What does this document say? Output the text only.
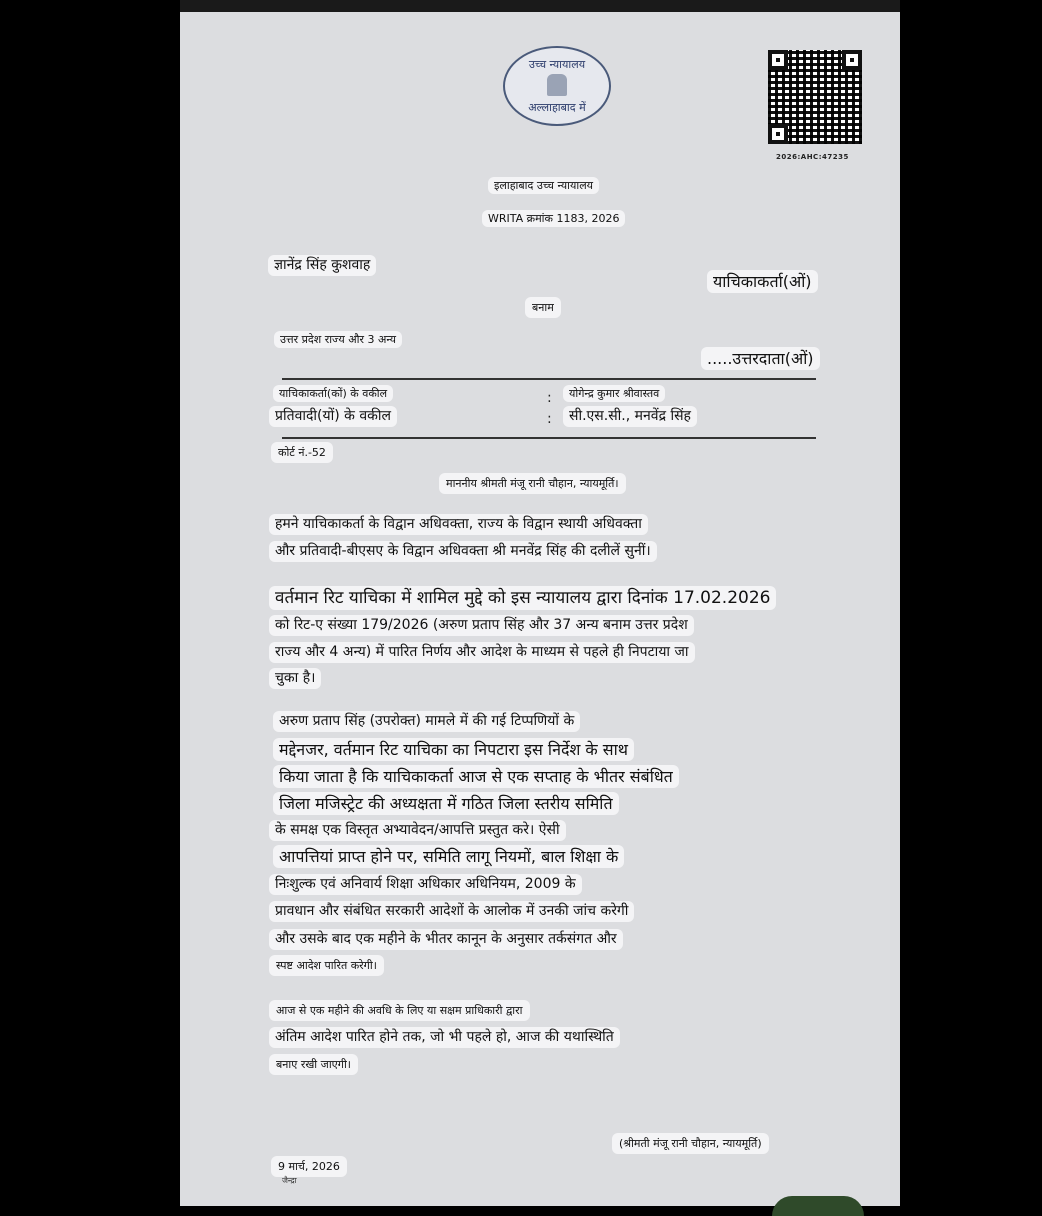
उच्च न्यायालय
अल्लाहाबाद में
2026:AHC:47235
इलाहाबाद उच्च न्यायालय
WRITA क्रमांक 1183, 2026
ज्ञानेंद्र सिंह कुशवाह
याचिकाकर्ता(ओं)
बनाम
उत्तर प्रदेश राज्य और 3 अन्य
.....उत्तरदाता(ओं)
याचिकाकर्ता(कों) के वकील	:	योगेन्द्र कुमार श्रीवास्तव
प्रतिवादी(यों) के वकील	:	सी.एस.सी., मनवेंद्र सिंह
कोर्ट नं.-52
माननीय श्रीमती मंजू रानी चौहान, न्यायमूर्ति।
हमने याचिकाकर्ता के विद्वान अधिवक्ता, राज्य के विद्वान स्थायी अधिवक्ता
और प्रतिवादी-बीएसए के विद्वान अधिवक्ता श्री मनवेंद्र सिंह की दलीलें सुनीं।
वर्तमान रिट याचिका में शामिल मुद्दे को इस न्यायालय द्वारा दिनांक 17.02.2026
को रिट-ए संख्या 179/2026 (अरुण प्रताप सिंह और 37 अन्य बनाम उत्तर प्रदेश
राज्य और 4 अन्य) में पारित निर्णय और आदेश के माध्यम से पहले ही निपटाया जा
चुका है।
अरुण प्रताप सिंह (उपरोक्त) मामले में की गई टिप्पणियों के
मद्देनजर, वर्तमान रिट याचिका का निपटारा इस निर्देश के साथ
किया जाता है कि याचिकाकर्ता आज से एक सप्ताह के भीतर संबंधित
जिला मजिस्ट्रेट की अध्यक्षता में गठित जिला स्तरीय समिति
के समक्ष एक विस्तृत अभ्यावेदन/आपत्ति प्रस्तुत करे। ऐसी
आपत्तियां प्राप्त होने पर, समिति लागू नियमों, बाल शिक्षा के
निःशुल्क एवं अनिवार्य शिक्षा अधिकार अधिनियम, 2009 के
प्रावधान और संबंधित सरकारी आदेशों के आलोक में उनकी जांच करेगी
और उसके बाद एक महीने के भीतर कानून के अनुसार तर्कसंगत और
स्पष्ट आदेश पारित करेगी।
आज से एक महीने की अवधि के लिए या सक्षम प्राधिकारी द्वारा
अंतिम आदेश पारित होने तक, जो भी पहले हो, आज की यथास्थिति
बनाए रखी जाएगी।
(श्रीमती मंजू रानी चौहान, न्यायमूर्ति)
9 मार्च, 2026
जैन्द्रा
